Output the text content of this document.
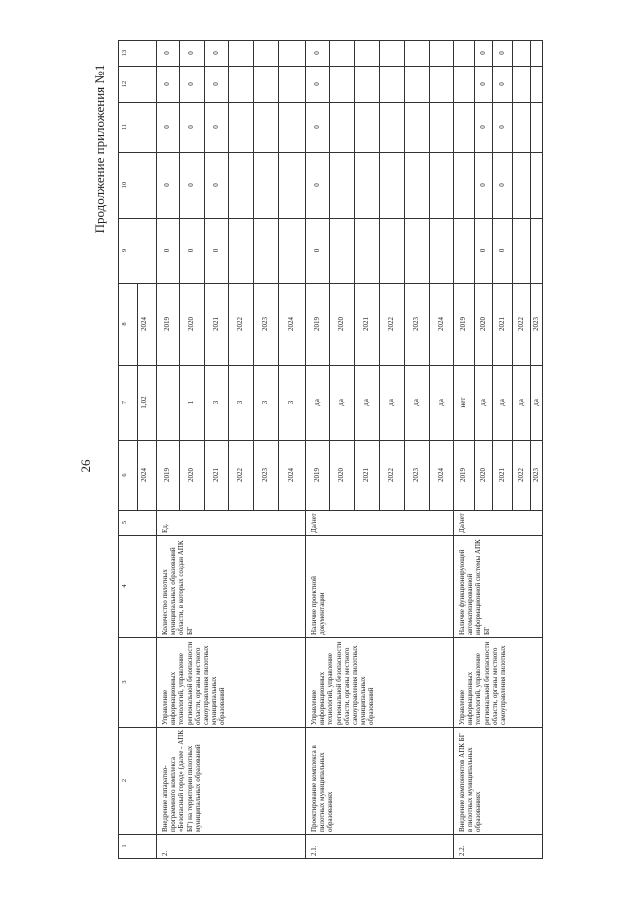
26
Продолжение приложения №1
1
2
3
4
5
6
7
8
9
10
11
12
13
2024
1,02
2024
2.
Внедрение аппаратно-программного комплекса «Безопасный город» (далее - АПК БГ) на территории пилотных муниципальных образований
Управление информационных технологий, управление региональной безопасности области, органы местного самоуправления пилотных муниципальных образований
Количество пилотных муниципальных образований области, в которых создан АПК БГ
Ед.
2019
2019
0
0
0
0
0
2020
1
2020
0
0
0
0
0
2021
3
2021
0
0
0
0
0
2022
3
2022
2023
3
2023
2024
3
2024
2.1.
Проектирование комплекса в пилотных муниципальных образованиях
Управление информационных технологий, управление региональной безопасности области, органы местного самоуправления пилотных муниципальных образований
Наличие проектной документации
Да/нет
2019
да
2019
0
0
0
0
0
2020
да
2020
2021
да
2021
2022
да
2022
2023
да
2023
2024
да
2024
2.2.
Внедрение компонентов АПК БГ в пилотных муниципальных образованиях
Управление информационных технологий, управление региональной безопасности области, органы местного самоуправления пилотных
Наличие функционирующей автоматизированной информационной системы АПК БГ
Да/нет
2019
нет
2019
2020
да
2020
0
0
0
0
0
2021
да
2021
0
0
0
0
0
2022
да
2022
2023
да
2023
